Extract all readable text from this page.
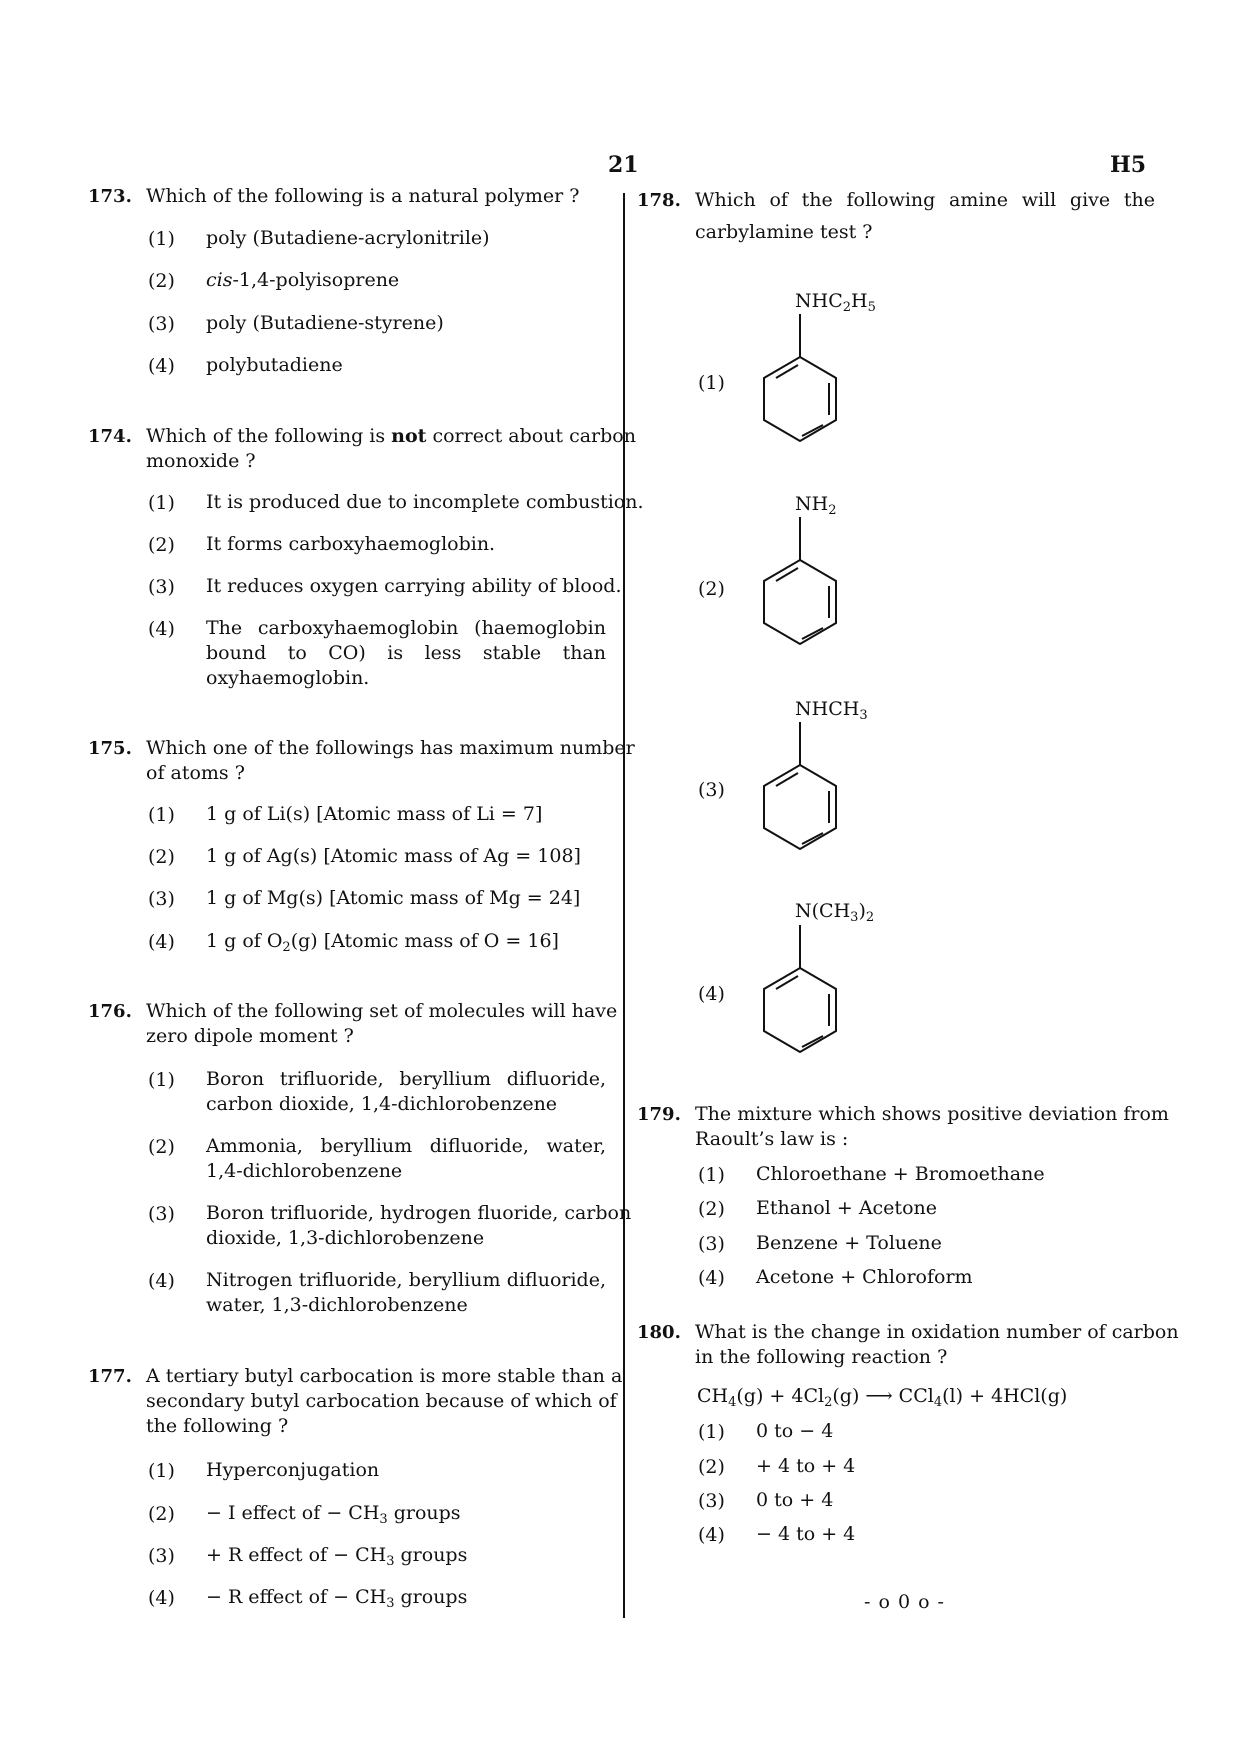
21	H5
173. Which of the following is a natural polymer ?
(1) poly (Butadiene-acrylonitrile)
(2) cis-1,4-polyisoprene
(3) poly (Butadiene-styrene)
(4) polybutadiene
174. Which of the following is not correct about carbon
monoxide ?
(1) It is produced due to incomplete combustion.
(2) It forms carboxyhaemoglobin.
(3) It reduces oxygen carrying ability of blood.
(4) The carboxyhaemoglobin (haemoglobin
bound to CO) is less stable than
oxyhaemoglobin.
175. Which one of the followings has maximum number
of atoms ?
(1) 1 g of Li(s) [Atomic mass of Li = 7]
(2) 1 g of Ag(s) [Atomic mass of Ag = 108]
(3) 1 g of Mg(s) [Atomic mass of Mg = 24]
(4) 1 g of $O_2(g)$ [Atomic mass of O = 16]
176. Which of the following set of molecules will have
zero dipole moment ?
(1) Boron trifluoride, beryllium difluoride,
carbon dioxide, 1,4-dichlorobenzene
(2) Ammonia, beryllium difluoride, water,
1,4-dichlorobenzene
(3) Boron trifluoride, hydrogen fluoride, carbon
dioxide, 1,3-dichlorobenzene
(4) Nitrogen trifluoride, beryllium difluoride,
water, 1,3-dichlorobenzene
177. A tertiary butyl carbocation is more stable than a
secondary butyl carbocation because of which of
the following ?
(1) Hyperconjugation
(2) − I effect of − $CH_3$ groups
(3) + R effect of − $CH_3$ groups
(4) − R effect of − $CH_3$ groups
178. Which of the following amine will give the
carbylamine test ?
$NHC_2H_5$
(1)
$NH_2$
(2)
$NHCH_3$
(3)
$N(CH_3)_2$
(4)
179. The mixture which shows positive deviation from
Raoult’s law is :
(1) Chloroethane + Bromoethane
(2) Ethanol + Acetone
(3) Benzene + Toluene
(4) Acetone + Chloroform
180. What is the change in oxidation number of carbon
in the following reaction ?
$CH_4(g) + 4Cl_2(g)$ ⟶ CCl$_4$(l) + 4HCl(g)
(1) 0 to − 4
(2) + 4 to + 4
(3) 0 to + 4
(4) − 4 to + 4
- o 0 o -
